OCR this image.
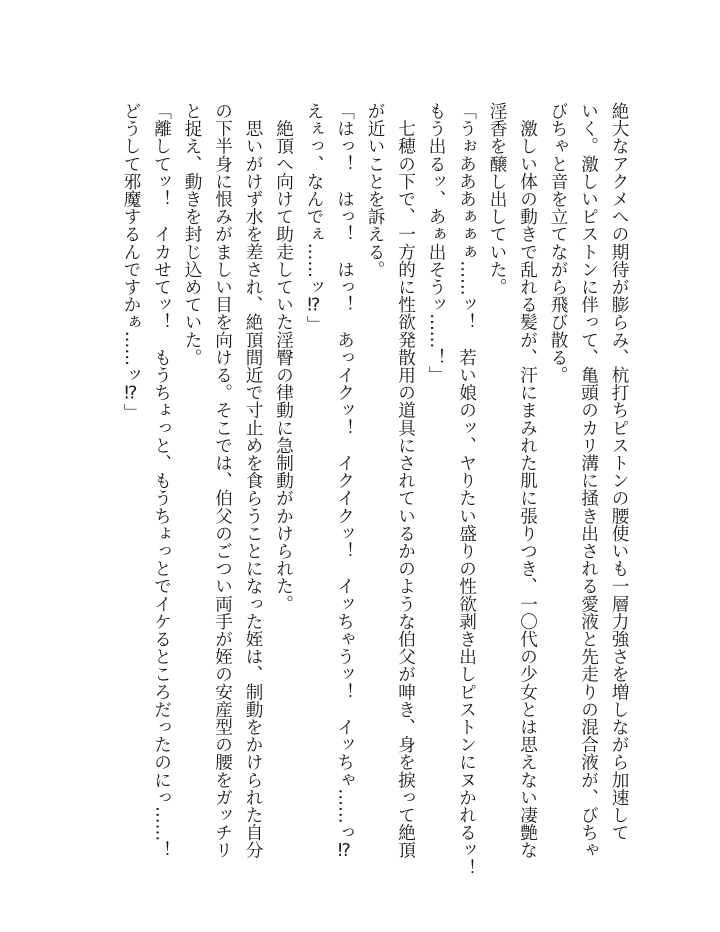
絶大なアクメへの期待が膨らみ、杭打ちピストンの腰使いも一層力強さを増しながら加速して

いく。激しいピストンに伴って、亀頭のカリ溝に掻き出される愛液と先走りの混合液が、びちゃ

びちゃと音を立てながら飛び散る。

　激しい体の動きで乱れる髪が、汗にまみれた肌に張りつき、一〇代の少女とは思えない凄艶な

淫香を醸し出していた。

「うぉあああぁぁぁ……ッ！　若い娘のッ、ヤりたい盛りの性欲剥き出しピストンにヌかれるッ！

もう出るッ、あぁ出そうッ……！」

　七穂の下で、一方的に性欲発散用の道具にされているかのような伯父が呻き、身を捩って絶頂

が近いことを訴える。

「はっ！　はっ！　はっ！　あっイクッ！　イクイクッ！　イッちゃうッ！　イッちゃ……っ⁉

えぇっ、なんでぇ……ッ⁉」

　絶頂へ向けて助走していた淫臀の律動に急制動がかけられた。

　思いがけず水を差され、絶頂間近で寸止めを食らうことになった姪は、制動をかけられた自分

の下半身に恨みがましい目を向ける。そこでは、伯父のごつい両手が姪の安産型の腰をガッチリ

と捉え、動きを封じ込めていた。

「離してッ！　イカせてッ！　もうちょっと、もうちょっとでイケるところだったのにっ……！

どうして邪魔するんですかぁ……ッ⁉」
